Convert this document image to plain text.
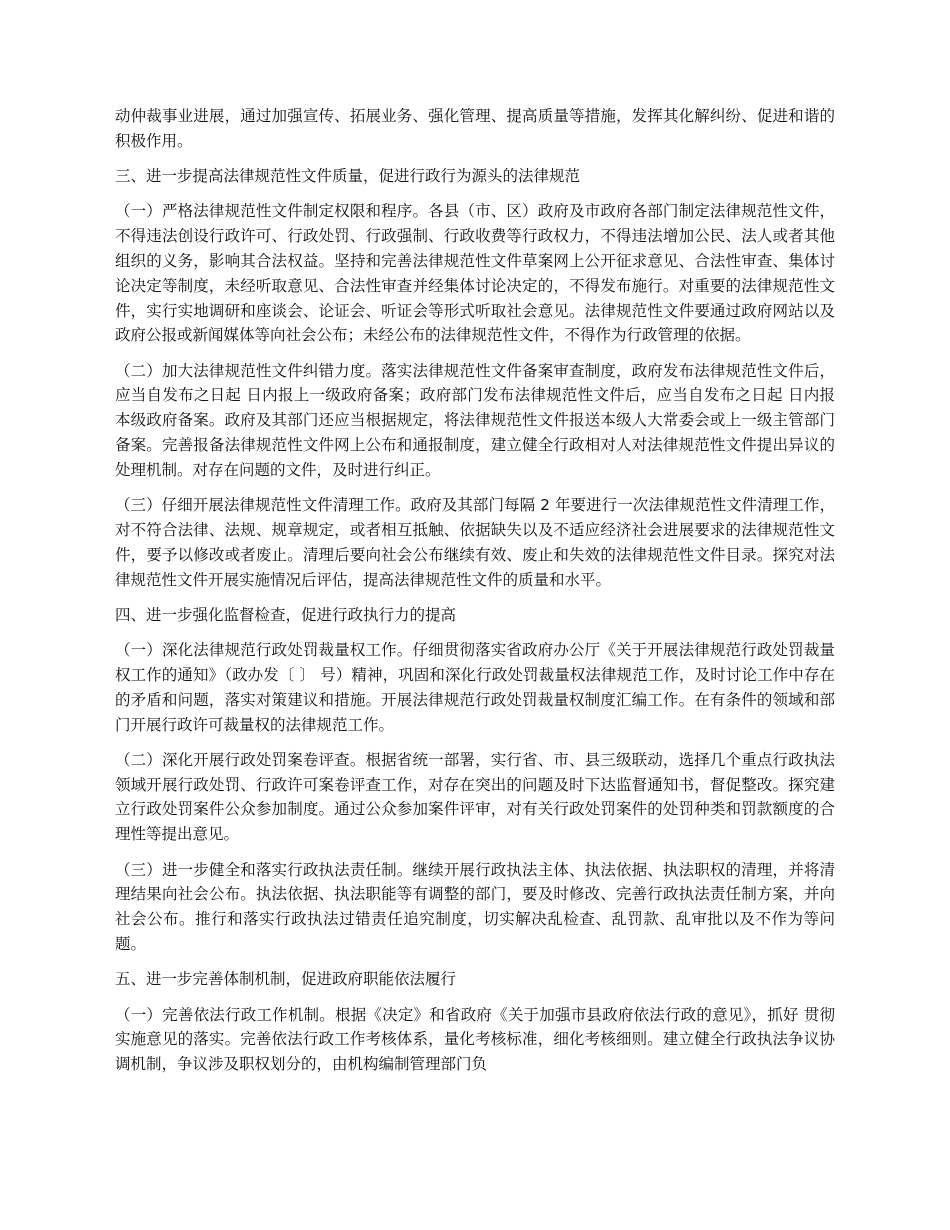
动仲裁事业进展，通过加强宣传、拓展业务、强化管理、提高质量等措施，发挥其化解纠纷、促进和谐的积极作用。

三、进一步提高法律规范性文件质量，促进行政行为源头的法律规范

（一）严格法律规范性文件制定权限和程序。各县（市、区）政府及市政府各部门制定法律规范性文件，不得违法创设行政许可、行政处罚、行政强制、行政收费等行政权力，不得违法增加公民、法人或者其他组织的义务，影响其合法权益。坚持和完善法律规范性文件草案网上公开征求意见、合法性审查、集体讨论决定等制度，未经听取意见、合法性审查并经集体讨论决定的，不得发布施行。对重要的法律规范性文件，实行实地调研和座谈会、论证会、听证会等形式听取社会意见。法律规范性文件要通过政府网站以及政府公报或新闻媒体等向社会公布；未经公布的法律规范性文件，不得作为行政管理的依据。

（二）加大法律规范性文件纠错力度。落实法律规范性文件备案审查制度，政府发布法律规范性文件后，应当自发布之日起 日内报上一级政府备案；政府部门发布法律规范性文件后，应当自发布之日起 日内报本级政府备案。政府及其部门还应当根据规定，将法律规范性文件报送本级人大常委会或上一级主管部门备案。完善报备法律规范性文件网上公布和通报制度，建立健全行政相对人对法律规范性文件提出异议的处理机制。对存在问题的文件，及时进行纠正。

（三）仔细开展法律规范性文件清理工作。政府及其部门每隔 2 年要进行一次法律规范性文件清理工作，对不符合法律、法规、规章规定，或者相互抵触、依据缺失以及不适应经济社会进展要求的法律规范性文件，要予以修改或者废止。清理后要向社会公布继续有效、废止和失效的法律规范性文件目录。探究对法律规范性文件开展实施情况后评估，提高法律规范性文件的质量和水平。

四、进一步强化监督检查，促进行政执行力的提高

（一）深化法律规范行政处罚裁量权工作。仔细贯彻落实省政府办公厅《关于开展法律规范行政处罚裁量权工作的通知》（政办发〔 〕 号）精神，巩固和深化行政处罚裁量权法律规范工作，及时讨论工作中存在的矛盾和问题，落实对策建议和措施。开展法律规范行政处罚裁量权制度汇编工作。在有条件的领域和部门开展行政许可裁量权的法律规范工作。

（二）深化开展行政处罚案卷评查。根据省统一部署，实行省、市、县三级联动，选择几个重点行政执法领域开展行政处罚、行政许可案卷评查工作，对存在突出的问题及时下达监督通知书，督促整改。探究建立行政处罚案件公众参加制度。通过公众参加案件评审，对有关行政处罚案件的处罚种类和罚款额度的合理性等提出意见。

（三）进一步健全和落实行政执法责任制。继续开展行政执法主体、执法依据、执法职权的清理，并将清理结果向社会公布。执法依据、执法职能等有调整的部门，要及时修改、完善行政执法责任制方案，并向社会公布。推行和落实行政执法过错责任追究制度，切实解决乱检查、乱罚款、乱审批以及不作为等问题。

五、进一步完善体制机制，促进政府职能依法履行

（一）完善依法行政工作机制。根据《决定》和省政府《关于加强市县政府依法行政的意见》，抓好 贯彻实施意见的落实。完善依法行政工作考核体系，量化考核标准，细化考核细则。建立健全行政执法争议协调机制，争议涉及职权划分的，由机构编制管理部门负
